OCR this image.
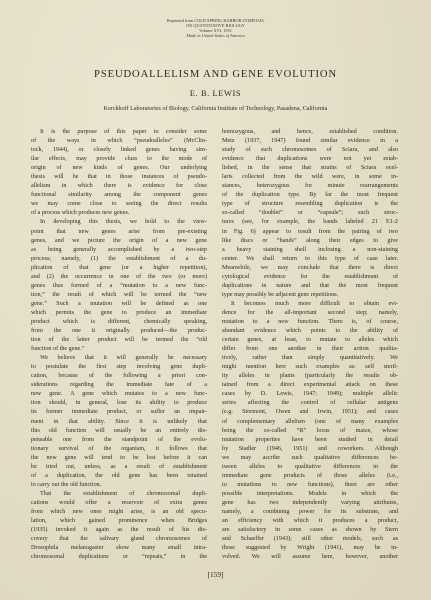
Reprinted from COLD SPRING HARBOR SYMPOSIA
ON QUANTITATIVE BIOLOGY
Volume XVI, 1951
Made in United States of America
PSEUDOALLELISM AND GENE EVOLUTION
E. B. LEWIS
Kerckhoff Laboratories of Biology, California Institute of Technology, Pasadena, California
It is the purpose of this paper to consider some
of the ways in which “pseudoalleles” (McClin-
tock, 1944), or closely linked genes having sim-
ilar effects, may provide clues to the mode of
origin of new kinds of genes. Our underlying
thesis will be that in those instances of pseudo-
allelism in which there is evidence for close
functional similarity among the component genes
we may come close to seeing the direct results
of a process which produces new genes.
In developing this thesis, we hold to the view-
point that new genes arise from pre-existing
genes, and we picture the origin of a new gene
as being generally accomplished by a two-step
process; namely, (1) the establishment of a du-
plication of that gene (or a higher repetition),
and (2) the occurrence in one of the two (or more)
genes thus formed of a “mutation to a new func-
tion,” the result of which will be termed the “new
gene.” Such a mutation will be defined as one
which permits the gene to produce an immediate
product which is different, chemically speaking,
from the one it originally produced—the produc-
tion of the latter product will be termed the “old
function of the gene.”
We believe that it will generally be necessary
to postulate the first step involving gene dupli-
cation, because of the following a priori con-
siderations regarding the immediate fate of a
new gene. A gene which mutates to a new func-
tion should, in general, lose its ability to produce
its former immediate product, or suffer an impair-
ment in that ability. Since it is unlikely that
this old function will usually be an entirely dis-
pensable one from the standpoint of the evolu-
tionary survival of the organism, it follows that
the new gene will tend to be lost before it can
be tried out, unless, as a result of establishment
of a duplication, the old gene has been retained
to carry out the old function.
That the establishment of chromosomal dupli-
cations would offer a reservoir of extra genes
from which new ones might arise, is an old specu-
lation, which gained prominence when Bridges
(1935) invoked it again as the result of his dis-
covery that the salivary gland chromosomes of
Drosophila melanogaster show many small intra-
chromosomal duplications or “repeats,” in the
homozygous, and hence, established condition.
Metz (1937, 1947) found similar evidence in a
study of such chromosomes of Sciara, and also
evidence that duplications were not yet estab-
lished, in the sense that strains of Sciara ocel-
laris collected from the wild were, in some in-
stances, heterozygous for minute rearrangements
of the duplication type. By far the most frequent
type of structure resembling duplication is the
so-called “doublet” or “capsule”; such struc-
tures (see, for example, the bands labeled 21 E1-2
in Fig. 6) appear to result from the pairing of two
like discs or “bands” along their edges to give
a heavy staining shell inclosing a non-staining
center. We shall return to this type of case later.
Meanwhile, we may conclude that there is direct
cytological evidence for the establishment of
duplications in nature and that the most frequent
type may possibly be adjacent gene repetitions.
It becomes much more difficult to obtain evi-
dence for the all-important second step; namely,
mutation to a new function. There is, of course,
abundant evidence which points to the ability of
certain genes, at least, to mutate to alleles which
differ from one another in their action qualita-
tively, rather than simply quantitatively. We
might mention here such examples as: self steril-
ity alleles in plants (particularly the results ob-
tained from a direct experimental attack on these
cases by D. Lewis, 1947; 1949); multiple allelic
series affecting the control of cellular antigens
(e.g. Stormont, Owen and Irwin, 1951); and cases
of complementary allelism (one of many examples
being the so-called “R” locus of maize, whose
mutation properties have been studied in detail
by Stadler (1946, 1951) and coworkers. Although
we may ascribe such qualitative differences be-
tween alleles to qualitative differences in the
immediate gene products of those alleles (i.e.,
to mutations to new functions), there are other
possible interpretations. Models in which the
gene has two independently varying attributes,
namely, a combining power for its substrate, and
an efficiency with which it produces a product,
are satisfactory in some cases as shown by Stern
and Schaeffer (1943); still other models, such as
those suggested by Wright (1941), may be in-
volved. We will assume here, however, another
[159]
